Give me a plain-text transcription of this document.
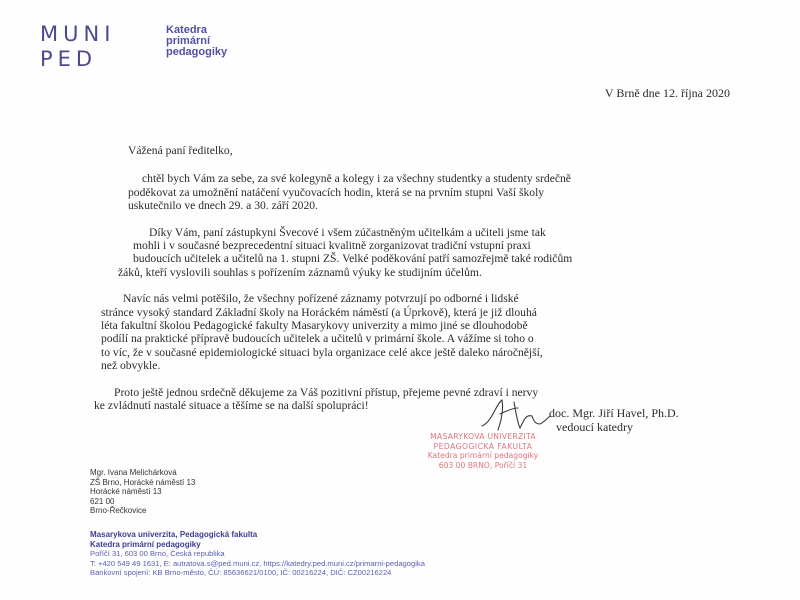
MUNI
PED
Katedra
primární
pedagogiky
V Brně dne 12. října 2020
Vážená paní ředitelko,
chtěl bych Vám za sebe, za své kolegyně a kolegy i za všechny studentky a studenty srdečně
poděkovat za umožnění natáčení vyučovacích hodin, která se na prvním stupni Vaší školy
uskutečnilo ve dnech 29. a 30. září 2020.
Díky Vám, paní zástupkyni Švecové i všem zúčastněným učitelkám a učiteli jsme tak
mohli i v současné bezprecedentní situaci kvalitně zorganizovat tradiční vstupní praxi
budoucích učitelek a učitelů na 1. stupni ZŠ. Velké poděkování patří samozřejmě také rodičům
žáků, kteří vyslovili souhlas s pořízením záznamů výuky ke studijním účelům.
Navíc nás velmi potěšilo, že všechny pořízené záznamy potvrzují po odborné i lidské
stránce vysoký standard Základní školy na Horáckém náměstí (a Úprkově), která je již dlouhá
léta fakultní školou Pedagogické fakulty Masarykovy univerzity a mimo jiné se dlouhodobě
podílí na praktické přípravě budoucích učitelek a učitelů v primární škole. A vážíme si toho o
to víc, že v současné epidemiologické situaci byla organizace celé akce ještě daleko náročnější,
než obvykle.
Proto ještě jednou srdečně děkujeme za Váš pozitivní přístup, přejeme pevné zdraví i nervy
ke zvládnutí nastalé situace a těšíme se na další spolupráci!
doc. Mgr. Jiří Havel, Ph.D.
vedoucí katedry
MASARYKOVA UNIVERZITA
PEDAGOGICKÁ FAKULTA
Katedra primární pedagogiky
603 00 BRNO, Poříčí 31
Mgr. Ivana Melichárková
ZŠ Brno, Horácké náměstí 13
Horácké náměstí 13
621 00
Brno-Řečkovice
Masarykova univerzita, Pedagogická fakulta
Katedra primární pedagogiky
Poříčí 31, 603 00 Brno, Česká republika
T: +420 549 49 1631, E: autratova.s@ped.muni.cz, https://katedry.ped.muni.cz/primarni-pedagogika
Bankovní spojení: KB Brno-město, ČÚ: 85636621/0100, IČ: 00216224, DIČ: CZ00216224
